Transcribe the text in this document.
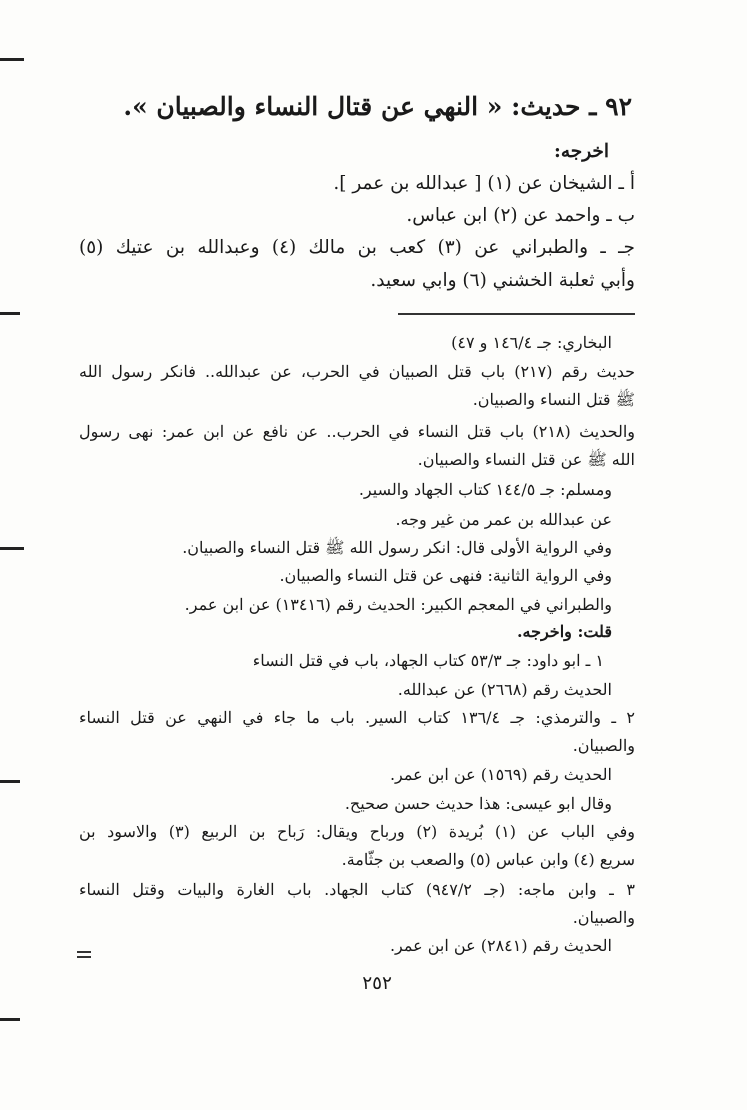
٩٢ ـ حديث: « النهي عن قتال النساء والصبيان ».
اخرجه:
أ ـ الشيخان عن (١) [ عبدالله بن عمر ].
ب ـ واحمد عن (٢) ابن عباس.
جـ ـ والطبراني عن (٣) كعب بن مالك (٤) وعبدالله بن عتيك (٥)
وأبي ثعلبة الخشني (٦) وابي سعيد.
البخاري: جـ ١٤٦/٤ و ٤٧)
حديث رقم (٢١٧) باب قتل الصبيان في الحرب، عن عبدالله.. فانكر رسول الله
ﷺ قتل النساء والصبيان.
والحديث (٢١٨) باب قتل النساء في الحرب.. عن نافع عن ابن عمر: نهى رسول
الله ﷺ عن قتل النساء والصبيان.
ومسلم: جـ ١٤٤/٥ كتاب الجهاد والسير.
عن عبدالله بن عمر من غير وجه.
وفي الرواية الأولى قال: انكر رسول الله ﷺ قتل النساء والصبيان.
وفي الرواية الثانية: فنهى عن قتل النساء والصبيان.
والطبراني في المعجم الكبير: الحديث رقم (١٣٤١٦) عن ابن عمر.
قلت: واخرجه.
١ ـ ابو داود: جـ ٥٣/٣ كتاب الجهاد، باب في قتل النساء
الحديث رقم (٢٦٦٨) عن عبدالله.
٢ ـ والترمذي: جـ ١٣٦/٤ كتاب السير. باب ما جاء في النهي عن قتل النساء
والصبيان.
الحديث رقم (١٥٦٩) عن ابن عمر.
وقال ابو عيسى: هذا حديث حسن صحيح.
وفي الباب عن (١) بُريدة (٢) ورباح ويقال: رَباح بن الربيع (٣) والاسود بن
سريع (٤) وابن عباس (٥) والصعب بن جثّامة.
٣ ـ وابن ماجه: (جـ ٩٤٧/٢) كتاب الجهاد. باب الغارة والبيات وقتل النساء
والصبيان.
الحديث رقم (٢٨٤١) عن ابن عمر.
٢٥٢
